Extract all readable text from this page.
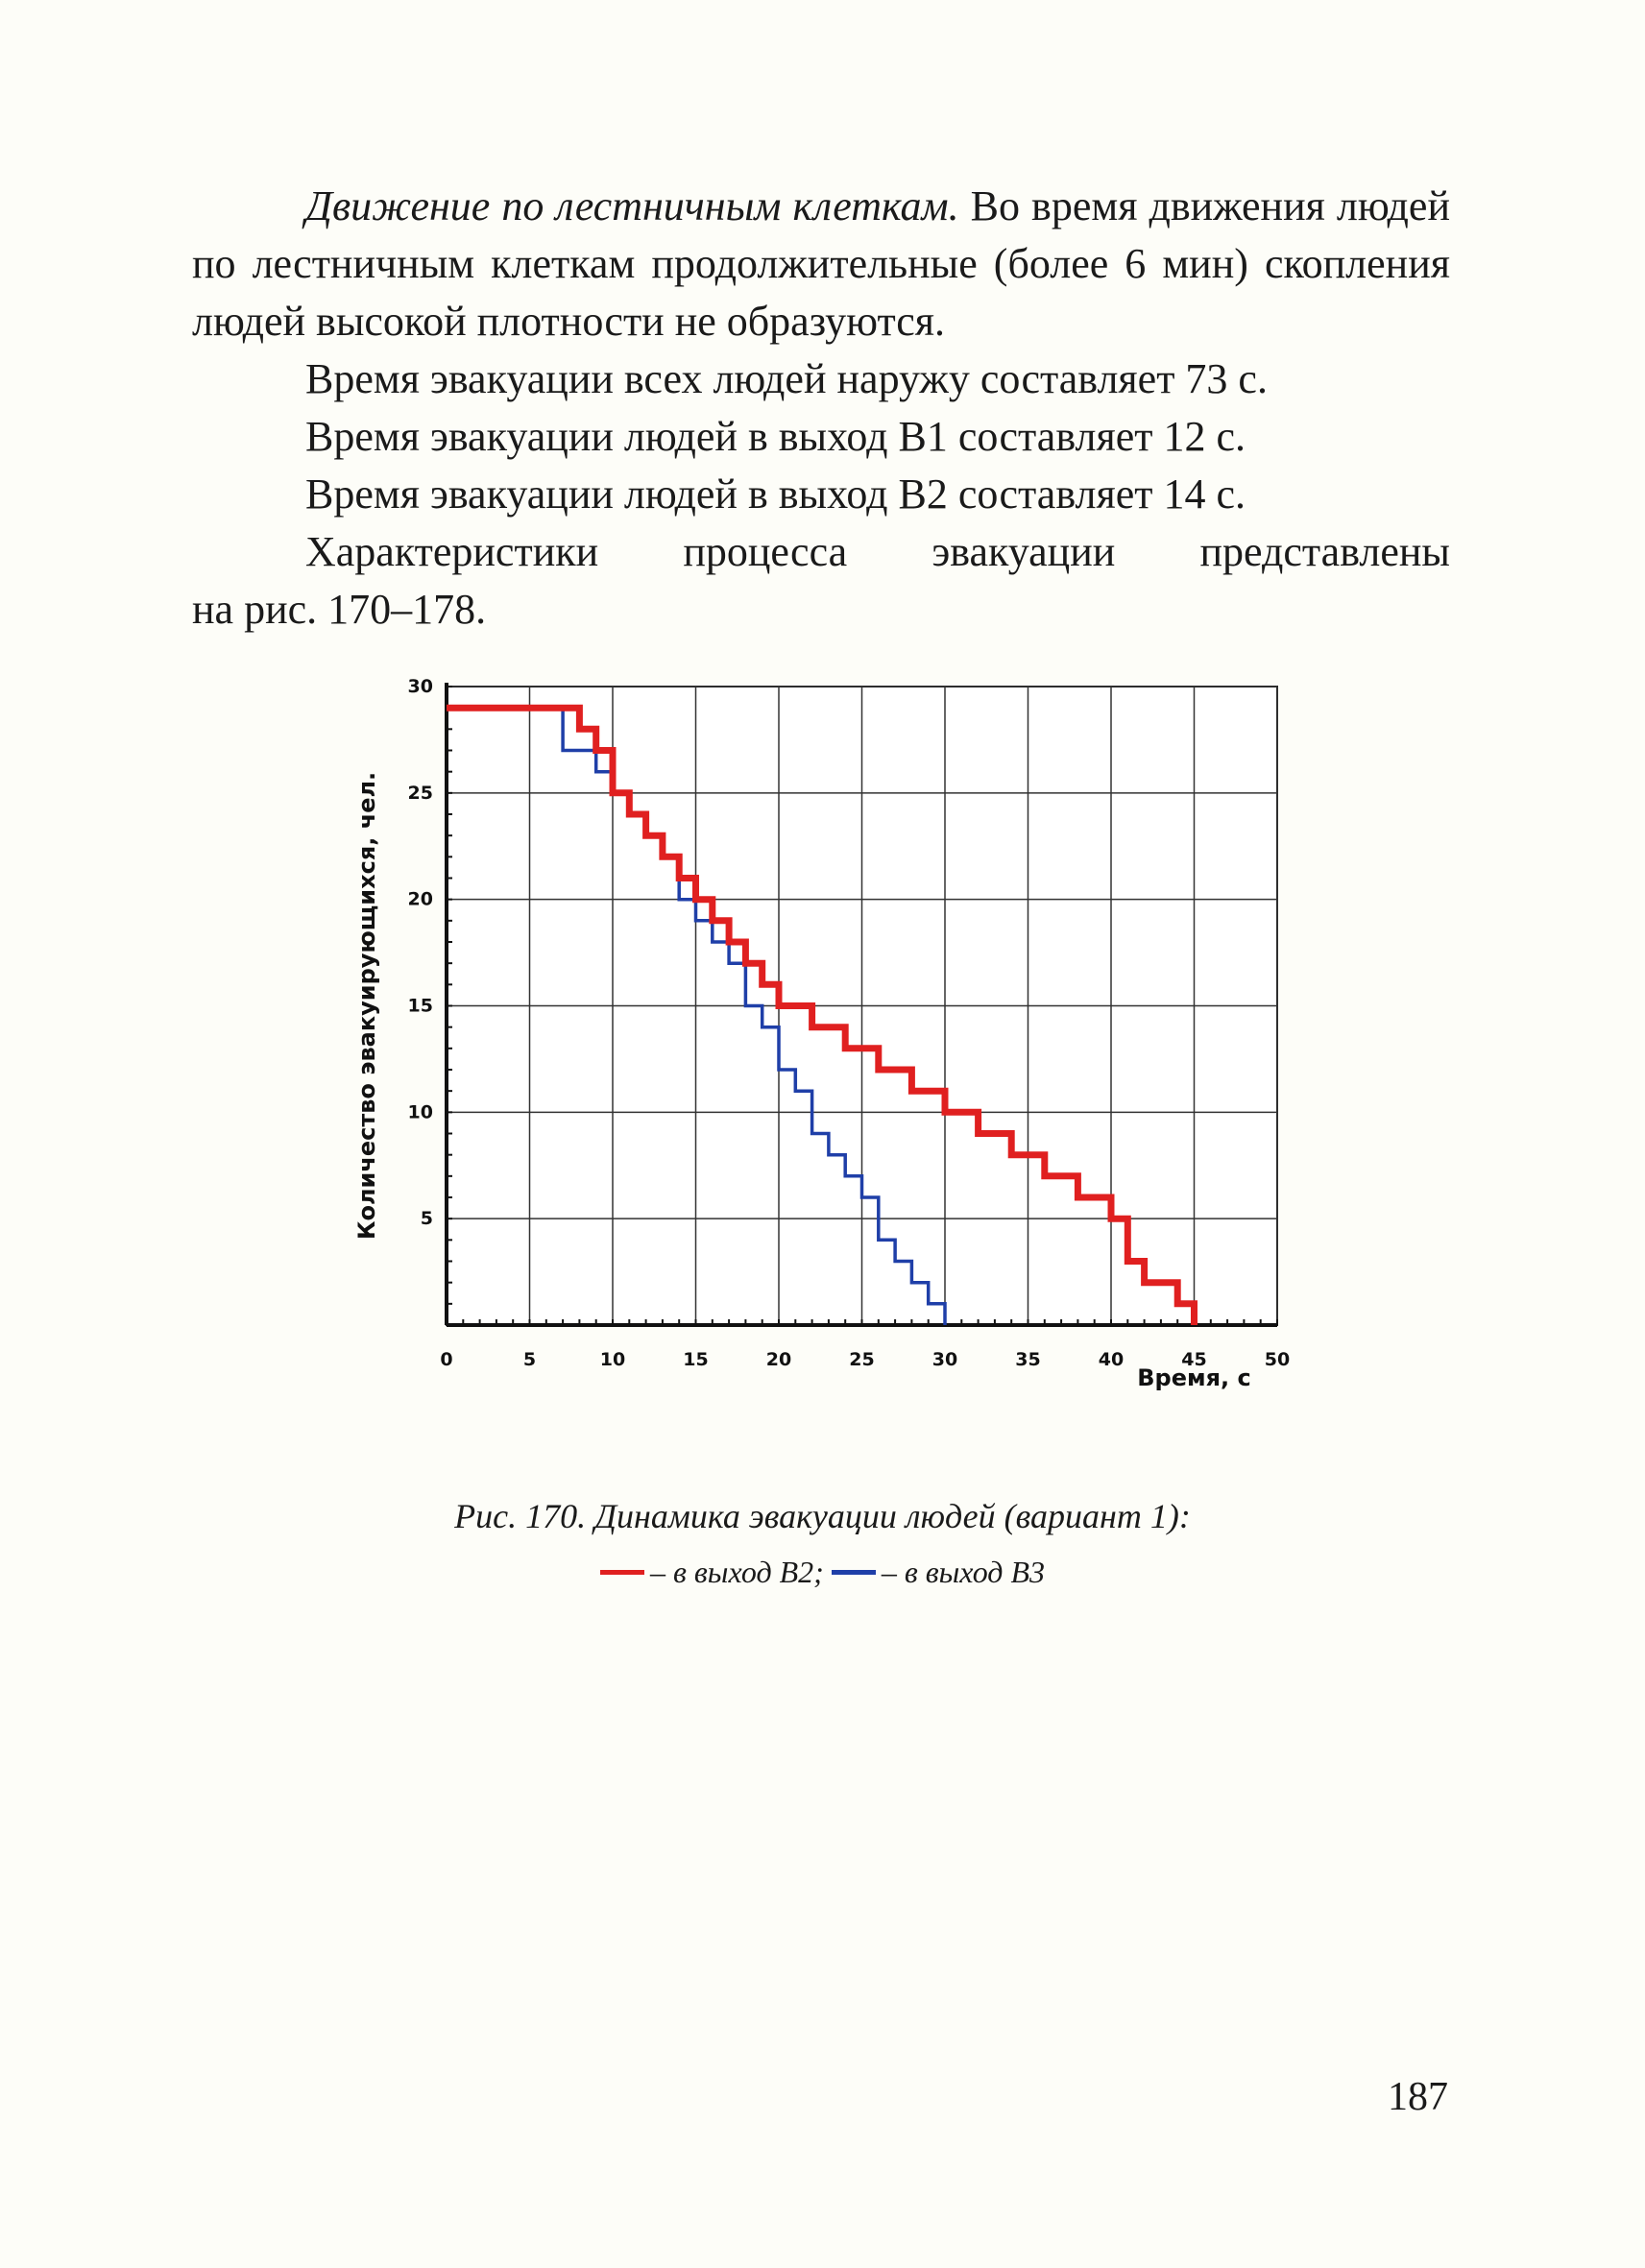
Движение по лестничным клеткам. Во время движения людей по лестничным клеткам продолжительные (более 6 мин) скопления людей высокой плотности не образуются.

Время эвакуации всех людей наружу составляет 73 с.

Время эвакуации людей в выход В1 составляет 12 с.

Время эвакуации людей в выход В2 составляет 14 с.

Характеристики процесса эвакуации представлены

на рис. 170–178.

0	5	10	15	20	25	30	35	40	45	50
5
10
15
20
25
30
Время, с
Количество эвакуирующихся, чел.
Рис. 170. Динамика эвакуации людей (вариант 1):
– в выход В2; – в выход В3
187
